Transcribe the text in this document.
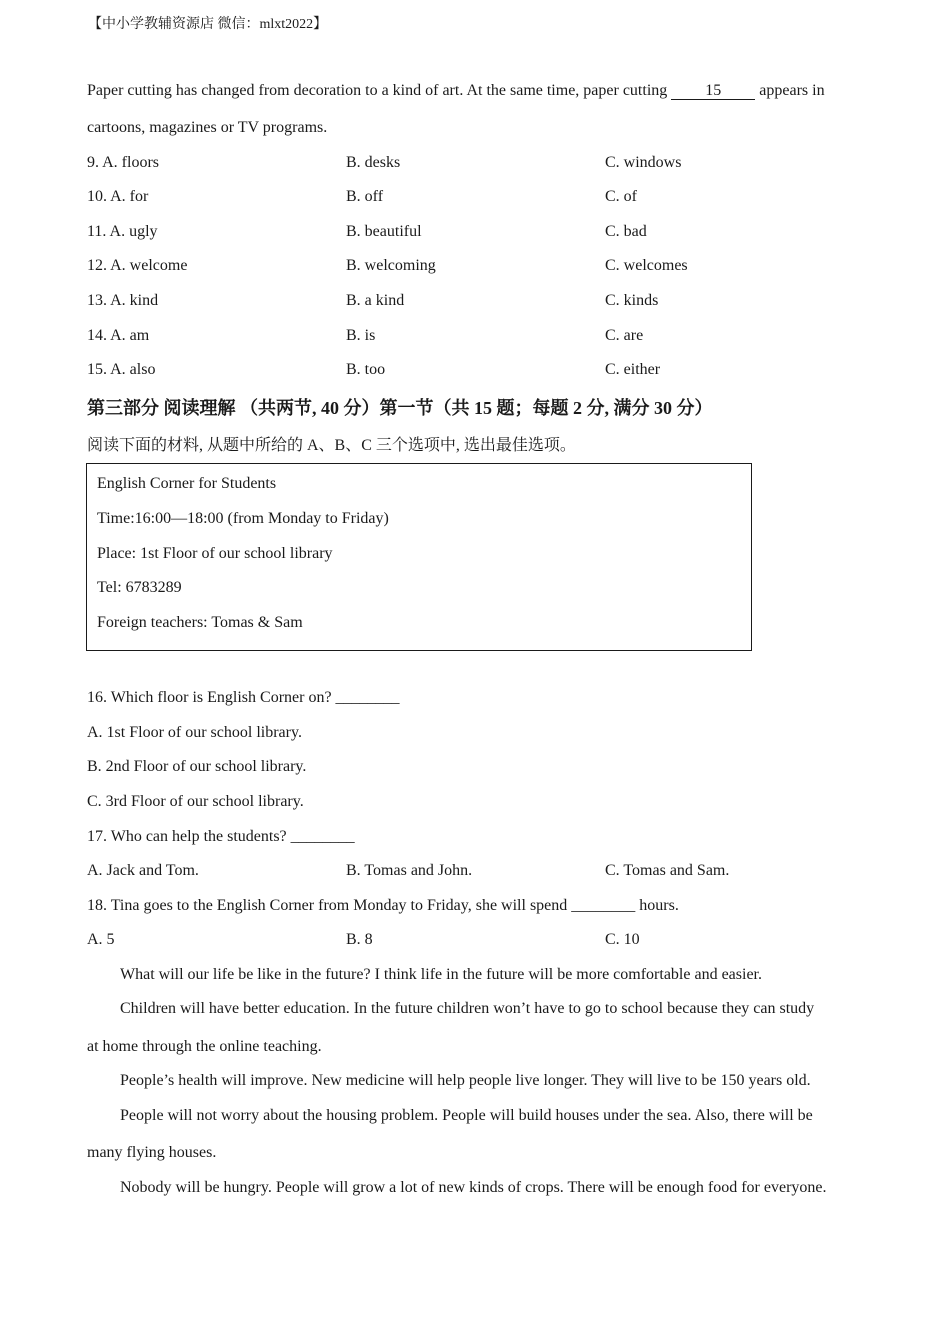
【中小学教辅资源店 微信：mlxt2022】
Paper cutting has changed from decoration to a kind of art. At the same time, paper cutting 15 appears in
cartoons, magazines or TV programs.
9. A. floors	B. desks	C. windows
10. A. for	B. off	C. of
11. A. ugly	B. beautiful	C. bad
12. A. welcome	B. welcoming	C. welcomes
13. A. kind	B. a kind	C. kinds
14. A. am	B. is	C. are
15. A. also	B. too	C. either
第三部分 阅读理解 （共两节, 40 分）第一节（共 15 题；每题 2 分, 满分 30 分）
阅读下面的材料, 从题中所给的 A、B、C 三个选项中, 选出最佳选项。
English Corner for Students
Time:16:00—18:00 (from Monday to Friday)
Place: 1st Floor of our school library
Tel: 6783289
Foreign teachers: Tomas & Sam
16. Which floor is English Corner on? ________
A. 1st Floor of our school library.
B. 2nd Floor of our school library.
C. 3rd Floor of our school library.
17. Who can help the students? ________
A. Jack and Tom.	B. Tomas and John.	C. Tomas and Sam.
18. Tina goes to the English Corner from Monday to Friday, she will spend ________ hours.
A. 5	B. 8	C. 10
What will our life be like in the future? I think life in the future will be more comfortable and easier.
Children will have better education. In the future children won’t have to go to school because they can study
at home through the online teaching.
People’s health will improve. New medicine will help people live longer. They will live to be 150 years old.
People will not worry about the housing problem. People will build houses under the sea. Also, there will be
many flying houses.
Nobody will be hungry. People will grow a lot of new kinds of crops. There will be enough food for everyone.
